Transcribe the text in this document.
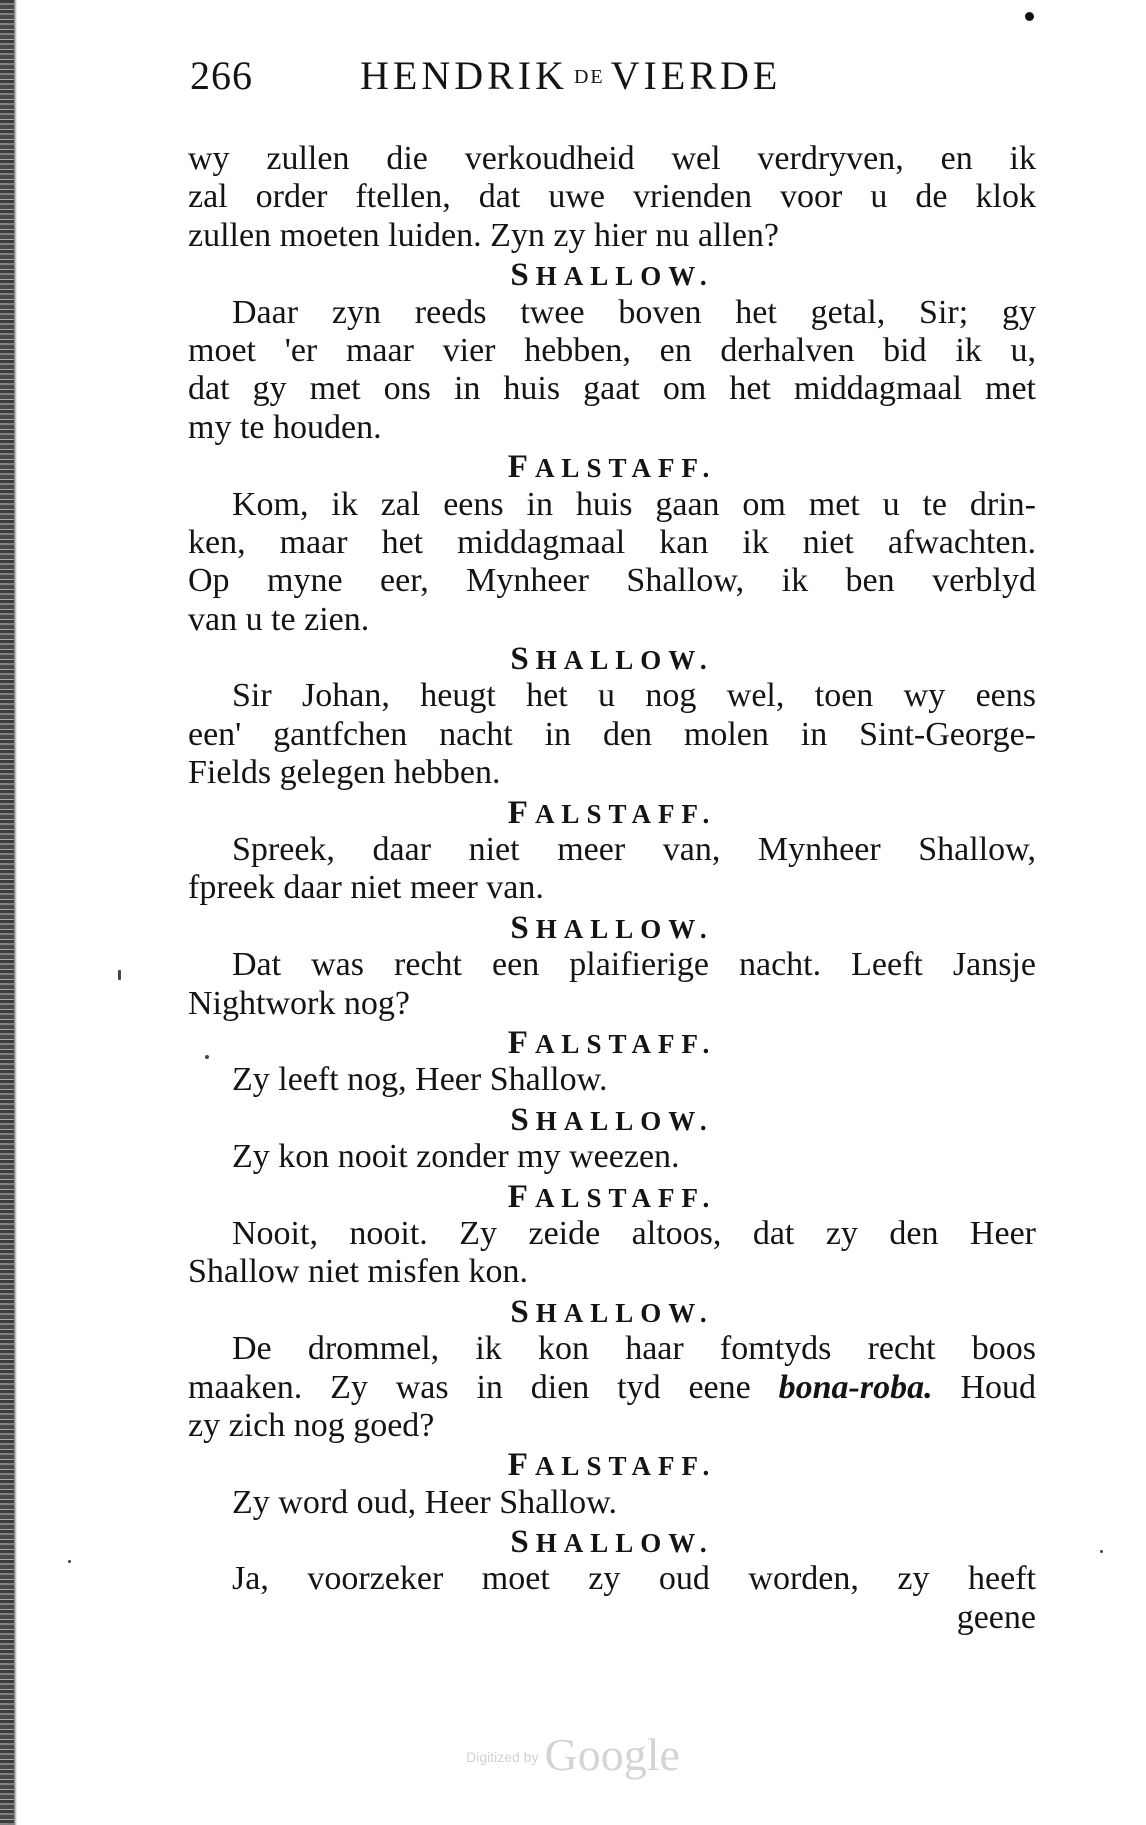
266	HENDRIK DE VIERDE
wy zullen die verkoudheid wel verdryven, en ik
zal order ftellen, dat uwe vrienden voor u de klok
zullen moeten luiden. Zyn zy hier nu allen?
SHALLOW.
Daar zyn reeds twee boven het getal, Sir; gy
moet 'er maar vier hebben, en derhalven bid ik u,
dat gy met ons in huis gaat om het middagmaal met
my te houden.
FALSTAFF.
Kom, ik zal eens in huis gaan om met u te drin-
ken, maar het middagmaal kan ik niet afwachten.
Op myne eer, Mynheer Shallow, ik ben verblyd
van u te zien.
SHALLOW.
Sir Johan, heugt het u nog wel, toen wy eens
een' gantfchen nacht in den molen in Sint-George-
Fields gelegen hebben.
FALSTAFF.
Spreek, daar niet meer van, Mynheer Shallow,
fpreek daar niet meer van.
SHALLOW.
Dat was recht een plaifierige nacht. Leeft Jansje
Nightwork nog?
FALSTAFF.
Zy leeft nog, Heer Shallow.
SHALLOW.
Zy kon nooit zonder my weezen.
FALSTAFF.
Nooit, nooit. Zy zeide altoos, dat zy den Heer
Shallow niet misfen kon.
SHALLOW.
De drommel, ik kon haar fomtyds recht boos
maaken. Zy was in dien tyd eene bona-roba. Houd
zy zich nog goed?
FALSTAFF.
Zy word oud, Heer Shallow.
SHALLOW.
Ja, voorzeker moet zy oud worden, zy heeft
geene
Digitized by Google
